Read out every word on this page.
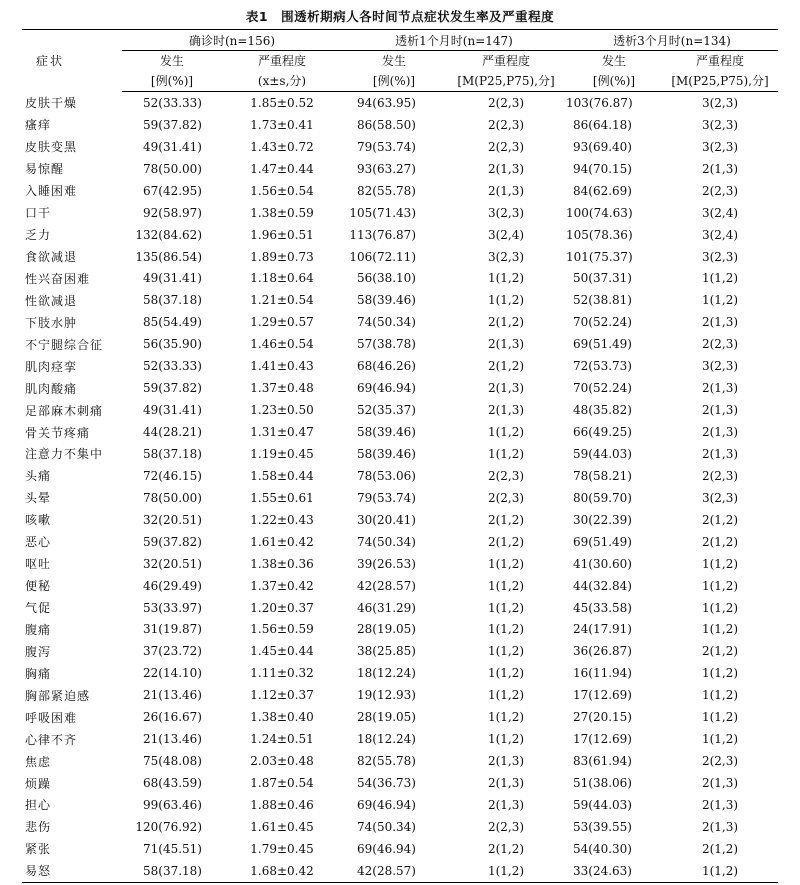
表1　围透析期病人各时间节点症状发生率及严重程度
症状	确诊时(n=156)		透析1个月时(n=147)		透析3个月时(n=134)	
	发生	严重程度	发生	严重程度	发生	严重程度
	[例(%)]	(x±s,分)	[例(%)]	[M(P25,P75),分]	[例(%)]	[M(P25,P75),分]
皮肤干燥	52(33.33)	1.85±0.52	94(63.95)	2(2,3)	103(76.87)	3(2,3)
瘙痒	59(37.82)	1.73±0.41	86(58.50)	2(2,3)	86(64.18)	3(2,3)
皮肤变黑	49(31.41)	1.43±0.72	79(53.74)	2(2,3)	93(69.40)	3(2,3)
易惊醒	78(50.00)	1.47±0.44	93(63.27)	2(1,3)	94(70.15)	2(1,3)
入睡困难	67(42.95)	1.56±0.54	82(55.78)	2(1,3)	84(62.69)	2(2,3)
口干	92(58.97)	1.38±0.59	105(71.43)	3(2,3)	100(74.63)	3(2,4)
乏力	132(84.62)	1.96±0.51	113(76.87)	3(2,4)	105(78.36)	3(2,4)
食欲减退	135(86.54)	1.89±0.73	106(72.11)	3(2,3)	101(75.37)	3(2,3)
性兴奋困难	49(31.41)	1.18±0.64	56(38.10)	1(1,2)	50(37.31)	1(1,2)
性欲减退	58(37.18)	1.21±0.54	58(39.46)	1(1,2)	52(38.81)	1(1,2)
下肢水肿	85(54.49)	1.29±0.57	74(50.34)	2(1,2)	70(52.24)	2(1,3)
不宁腿综合征	56(35.90)	1.46±0.54	57(38.78)	2(1,3)	69(51.49)	2(2,3)
肌肉痉挛	52(33.33)	1.41±0.43	68(46.26)	2(1,2)	72(53.73)	3(2,3)
肌肉酸痛	59(37.82)	1.37±0.48	69(46.94)	2(1,3)	70(52.24)	2(1,3)
足部麻木刺痛	49(31.41)	1.23±0.50	52(35.37)	2(1,3)	48(35.82)	2(1,3)
骨关节疼痛	44(28.21)	1.31±0.47	58(39.46)	1(1,2)	66(49.25)	2(1,3)
注意力不集中	58(37.18)	1.19±0.45	58(39.46)	1(1,2)	59(44.03)	2(1,3)
头痛	72(46.15)	1.58±0.44	78(53.06)	2(2,3)	78(58.21)	2(2,3)
头晕	78(50.00)	1.55±0.61	79(53.74)	2(2,3)	80(59.70)	3(2,3)
咳嗽	32(20.51)	1.22±0.43	30(20.41)	2(1,2)	30(22.39)	2(1,2)
恶心	59(37.82)	1.61±0.42	74(50.34)	2(1,2)	69(51.49)	2(1,2)
呕吐	32(20.51)	1.38±0.36	39(26.53)	1(1,2)	41(30.60)	1(1,2)
便秘	46(29.49)	1.37±0.42	42(28.57)	1(1,2)	44(32.84)	1(1,2)
气促	53(33.97)	1.20±0.37	46(31.29)	1(1,2)	45(33.58)	1(1,2)
腹痛	31(19.87)	1.56±0.59	28(19.05)	1(1,2)	24(17.91)	1(1,2)
腹泻	37(23.72)	1.45±0.44	38(25.85)	1(1,2)	36(26.87)	2(1,2)
胸痛	22(14.10)	1.11±0.32	18(12.24)	1(1,2)	16(11.94)	1(1,2)
胸部紧迫感	21(13.46)	1.12±0.37	19(12.93)	1(1,2)	17(12.69)	1(1,2)
呼吸困难	26(16.67)	1.38±0.40	28(19.05)	1(1,2)	27(20.15)	1(1,2)
心律不齐	21(13.46)	1.24±0.51	18(12.24)	1(1,2)	17(12.69)	1(1,2)
焦虑	75(48.08)	2.03±0.48	82(55.78)	2(1,3)	83(61.94)	2(2,3)
烦躁	68(43.59)	1.87±0.54	54(36.73)	2(1,3)	51(38.06)	2(1,3)
担心	99(63.46)	1.88±0.46	69(46.94)	2(1,3)	59(44.03)	2(1,3)
悲伤	120(76.92)	1.61±0.45	74(50.34)	2(2,3)	53(39.55)	2(1,3)
紧张	71(45.51)	1.79±0.45	69(46.94)	2(1,2)	54(40.30)	2(1,2)
易怒	58(37.18)	1.68±0.42	42(28.57)	1(1,2)	33(24.63)	1(1,2)
